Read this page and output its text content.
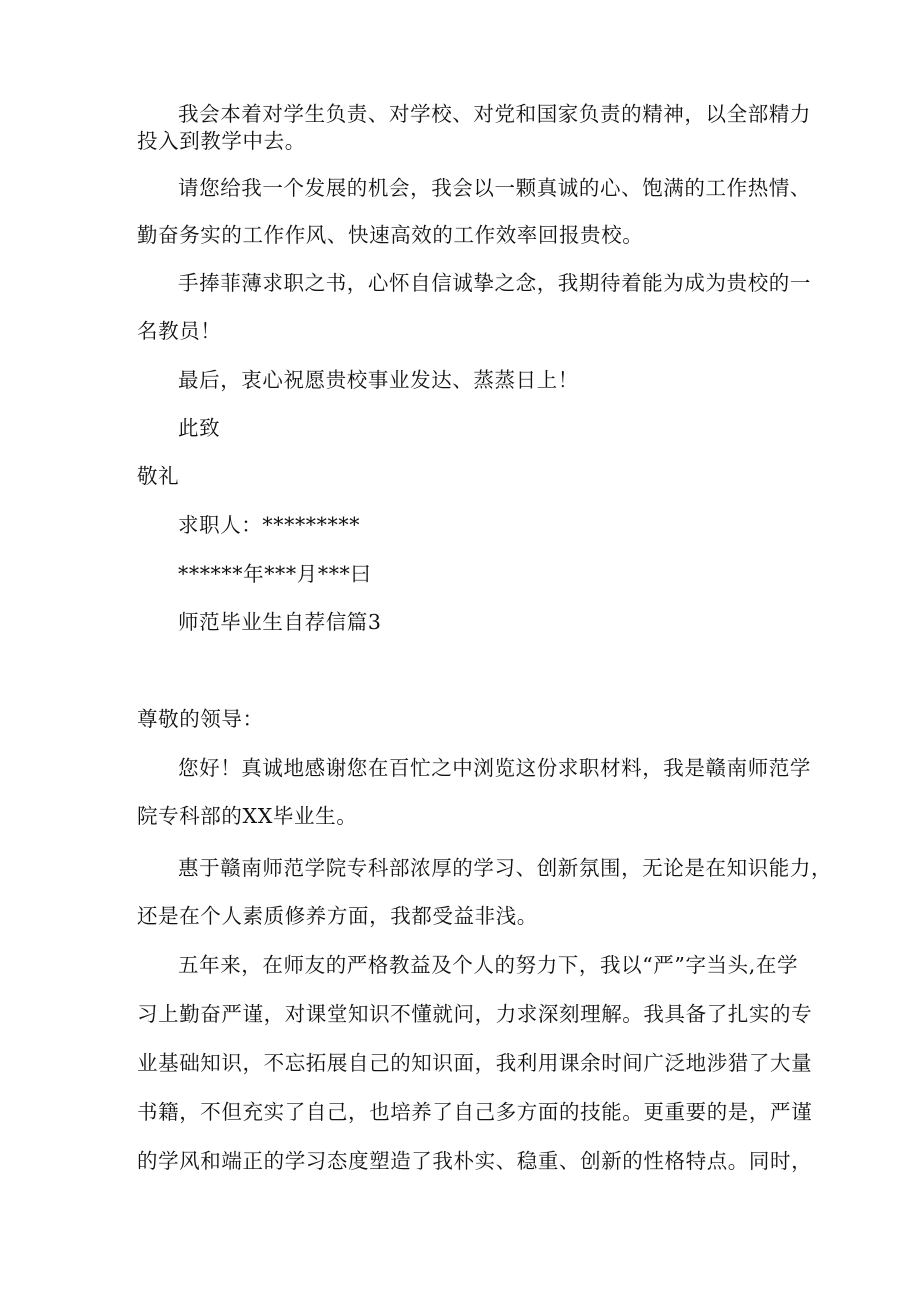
我会本着对学生负责、对学校、对党和国家负责的精神，以全部精力
投入到教学中去。
请您给我一个发展的机会，我会以一颗真诚的心、饱满的工作热情、
勤奋务实的工作作风、快速高效的工作效率回报贵校。
手捧菲薄求职之书，心怀自信诚挚之念，我期待着能为成为贵校的一
名教员！
最后，衷心祝愿贵校事业发达、蒸蒸日上！
此致
敬礼
求职人：*********
******年***月***曰
师范毕业生自荐信篇3
尊敬的领导：
您好！真诚地感谢您在百忙之中浏览这份求职材料，我是赣南师范学
院专科部的XX毕业生。
惠于赣南师范学院专科部浓厚的学习、创新氛围，无论是在知识能力，
还是在个人素质修养方面，我都受益非浅。
五年来，在师友的严格教益及个人的努力下，我以“严”字当头,在学
习上勤奋严谨，对课堂知识不懂就问，力求深刻理解。我具备了扎实的专
业基础知识，不忘拓展自己的知识面，我利用课余时间广泛地涉猎了大量
书籍，不但充实了自己，也培养了自己多方面的技能。更重要的是，严谨
的学风和端正的学习态度塑造了我朴实、稳重、创新的性格特点。同时，
